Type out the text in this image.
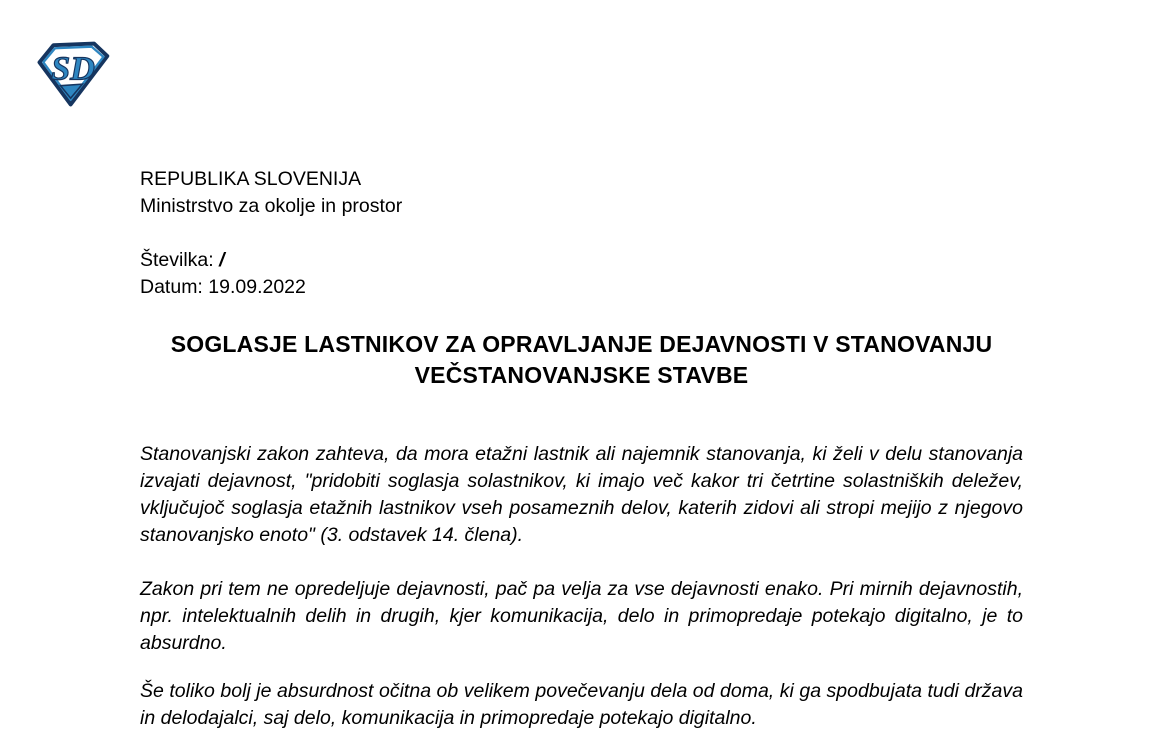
SD
REPUBLIKA SLOVENIJA
Ministrstvo za okolje in prostor
Številka: /
Datum: 19.09.2022
SOGLASJE LASTNIKOV ZA OPRAVLJANJE DEJAVNOSTI V STANOVANJU VEČSTANOVANJSKE STAVBE

Stanovanjski zakon zahteva, da mora etažni lastnik ali najemnik stanovanja, ki želi v delu stanovanja izvajati dejavnost, "pridobiti soglasja solastnikov, ki imajo več kakor tri četrtine solastniških deležev, vključujoč soglasja etažnih lastnikov vseh posameznih delov, katerih zidovi ali stropi mejijo z njegovo stanovanjsko enoto" (3. odstavek 14. člena).

Zakon pri tem ne opredeljuje dejavnosti, pač pa velja za vse dejavnosti enako. Pri mirnih dejavnostih, npr. intelektualnih delih in drugih, kjer komunikacija, delo in primopredaje potekajo digitalno, je to absurdno.

Še toliko bolj je absurdnost očitna ob velikem povečevanju dela od doma, ki ga spodbujata tudi država in delodajalci, saj delo, komunikacija in primopredaje potekajo digitalno.
